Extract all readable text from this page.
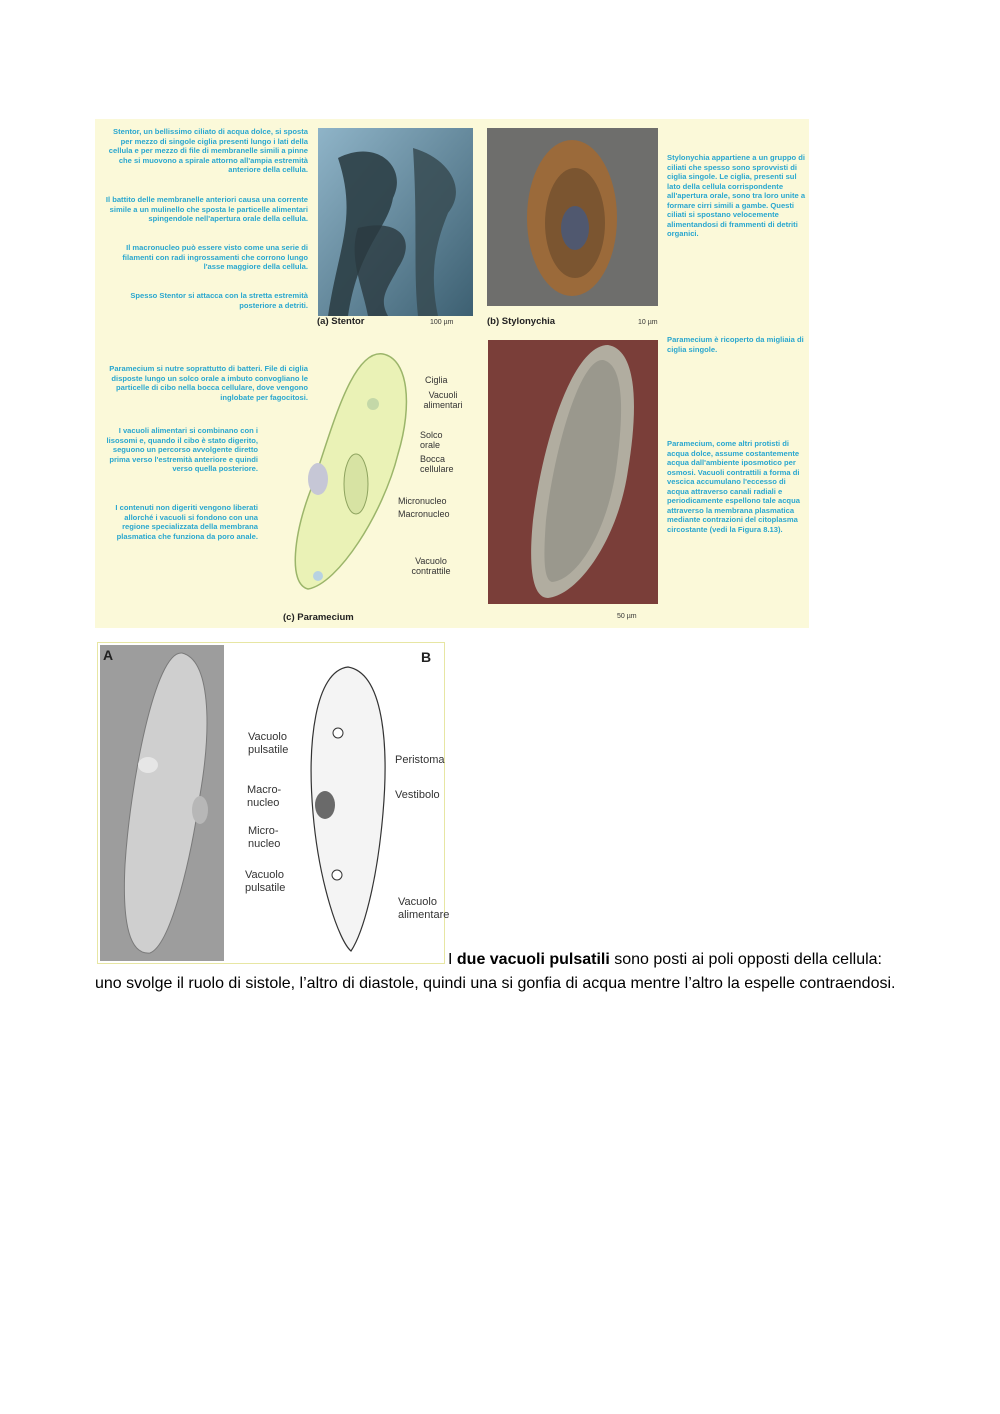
Stentor, un bellissimo ciliato di acqua dolce, si sposta per mezzo di singole ciglia presenti lungo i lati della cellula e per mezzo di file di membranelle simili a pinne che si muovono a spirale attorno all'ampia estremità anteriore della cellula.
Il battito delle membranelle anteriori causa una corrente simile a un mulinello che sposta le particelle alimentari spingendole nell'apertura orale della cellula.
Il macronucleo può essere visto come una serie di filamenti con radi ingrossamenti che corrono lungo l'asse maggiore della cellula.
Spesso Stentor si attacca con la stretta estremità posteriore a detriti.
(a) Stentor	100 µm	(b) Stylonychia	10 µm
Stylonychia appartiene a un gruppo di ciliati che spesso sono sprovvisti di ciglia singole. Le ciglia, presenti sul lato della cellula corrispondente all'apertura orale, sono tra loro unite a formare cirri simili a gambe. Questi ciliati si spostano velocemente alimentandosi di frammenti di detriti organici.
Paramecium si nutre soprattutto di batteri. File di ciglia disposte lungo un solco orale a imbuto convogliano le particelle di cibo nella bocca cellulare, dove vengono inglobate per fagocitosi.
I vacuoli alimentari si combinano con i lisosomi e, quando il cibo è stato digerito, seguono un percorso avvolgente diretto prima verso l'estremità anteriore e quindi verso quella posteriore.
I contenuti non digeriti vengono liberati allorché i vacuoli si fondono con una regione specializzata della membrana plasmatica che funziona da poro anale.
Paramecium è ricoperto da migliaia di ciglia singole.
Paramecium, come altri protisti di acqua dolce, assume costantemente acqua dall'ambiente iposmotico per osmosi. Vacuoli contrattili a forma di vescica accumulano l'eccesso di acqua attraverso canali radiali e periodicamente espellono tale acqua attraverso la membrana plasmatica mediante contrazioni del citoplasma circostante (vedi la Figura 8.13).
Ciglia
Vacuoli alimentari
Solco orale
Bocca cellulare
Micronucleo
Macronucleo
Vacuolo contrattile
(c) Paramecium	50 µm
A	B
Vacuolo pulsatile
Macro- nucleo
Micro- nucleo
Vacuolo pulsatile
Peristoma
Vestibolo
Vacuolo alimentare
I due vacuoli pulsatili sono posti ai poli opposti della cellula: uno svolge il ruolo di sistole, l’altro di diastole, quindi una si gonfia di acqua mentre l’altro la espelle contraendosi.
